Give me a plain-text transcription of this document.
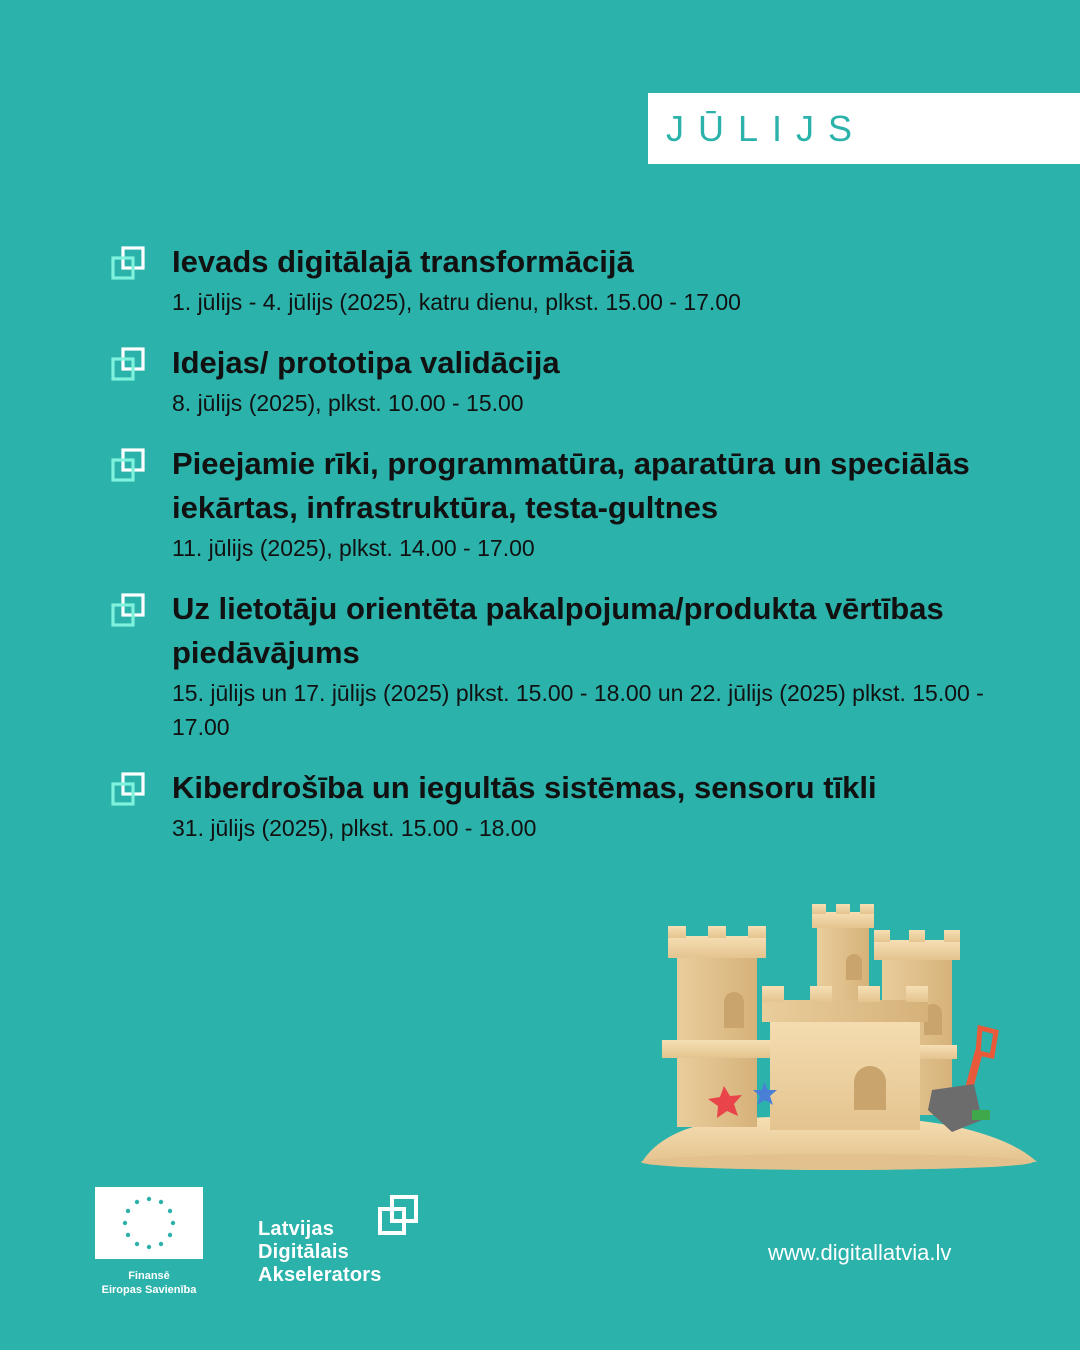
JŪLIJS
Ievads digitālajā transformācijā
1. jūlijs - 4. jūlijs (2025), katru dienu, plkst. 15.00 - 17.00
Idejas/ prototipa validācija
8. jūlijs (2025), plkst. 10.00 - 15.00
Pieejamie rīki, programmatūra, aparatūra un speciālās iekārtas, infrastruktūra, testa-gultnes
11. jūlijs (2025), plkst. 14.00 - 17.00
Uz lietotāju orientēta pakalpojuma/produkta vērtības piedāvājums
15. jūlijs un 17. jūlijs (2025) plkst. 15.00 - 18.00 un 22. jūlijs (2025) plkst. 15.00 - 17.00
Kiberdrošība un iegultās sistēmas, sensoru tīkli
31. jūlijs (2025), plkst. 15.00 - 18.00
Finansē
Eiropas Savienība
Latvijas
Digitālais
Akselerators
www.digitallatvia.lv
